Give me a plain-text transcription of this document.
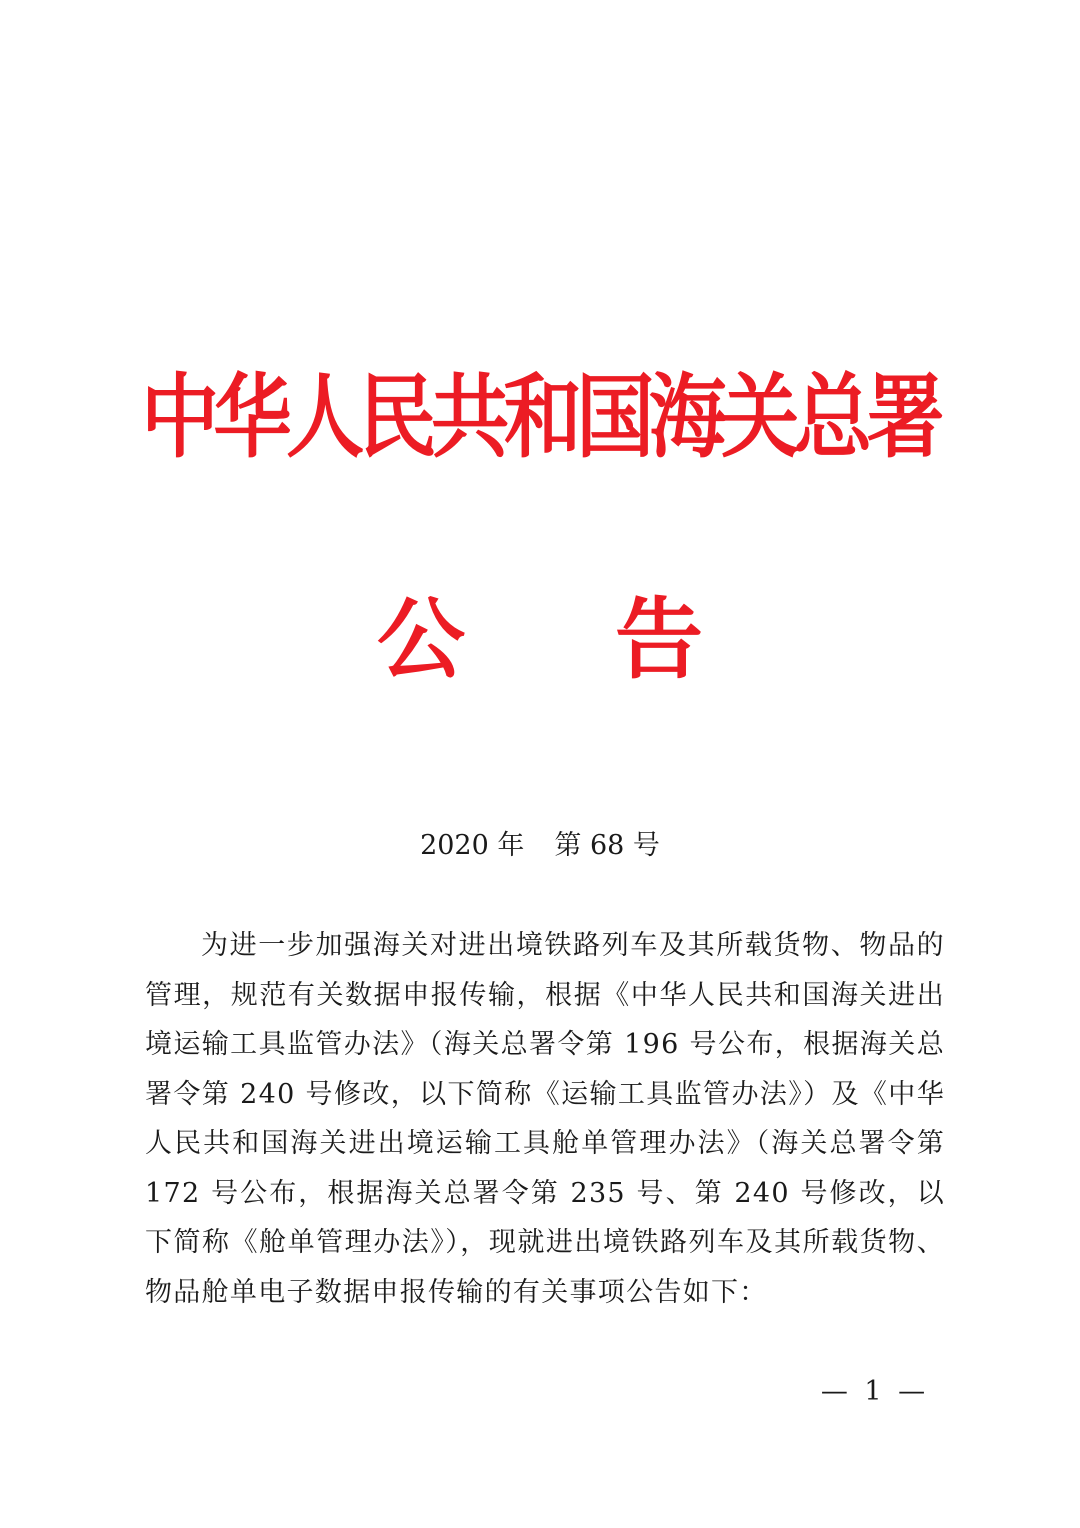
中华人民共和国海关总署
公 告
2020 年 第 68 号

为进一步加强海关对进出境铁路列车及其所载货物、物品的管理，规范有关数据申报传输，根据《中华人民共和国海关进出境运输工具监管办法》（海关总署令第 196 号公布，根据海关总署令第 240 号修改，以下简称《运输工具监管办法》）及《中华人民共和国海关进出境运输工具舱单管理办法》（海关总署令第 172 号公布，根据海关总署令第 235 号、第 240 号修改，以下简称《舱单管理办法》），现就进出境铁路列车及其所载货物、物品舱单电子数据申报传输的有关事项公告如下：

— 1 —
